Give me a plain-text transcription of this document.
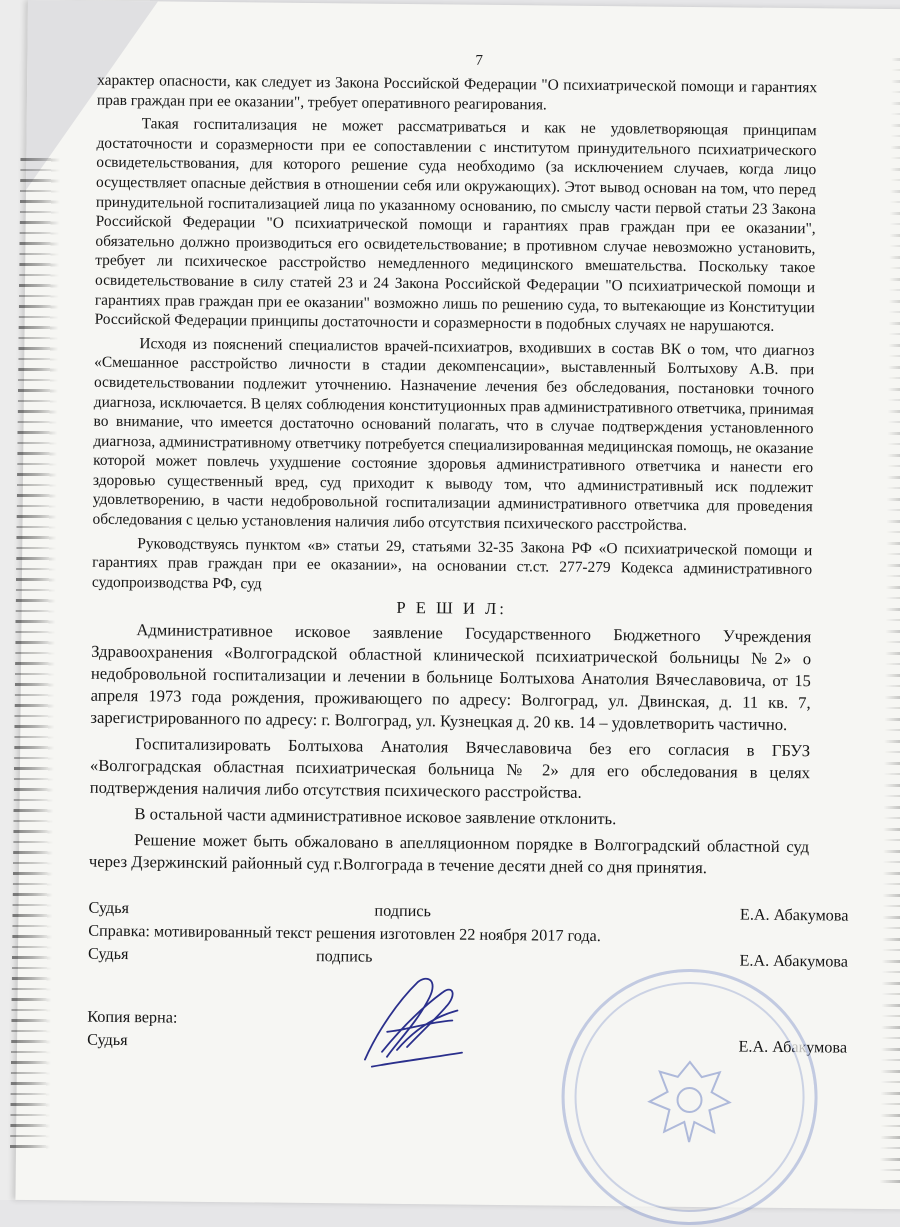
7

характер опасности, как следует из Закона Российской Федерации "О психиатрической помощи и гарантиях прав граждан при ее оказании", требует оперативного реагирования.

Такая госпитализация не может рассматриваться и как не удовлетворяющая принципам достаточности и соразмерности при ее сопоставлении с институтом принудительного психиатрического освидетельствования, для которого решение суда необходимо (за исключением случаев, когда лицо осуществляет опасные действия в отношении себя или окружающих). Этот вывод основан на том, что перед принудительной госпитализацией лица по указанному основанию, по смыслу части первой статьи 23 Закона Российской Федерации "О психиатрической помощи и гарантиях прав граждан при ее оказании", обязательно должно производиться его освидетельствование; в противном случае невозможно установить, требует ли психическое расстройство немедленного медицинского вмешательства. Поскольку такое освидетельствование в силу статей 23 и 24 Закона Российской Федерации "О психиатрической помощи и гарантиях прав граждан при ее оказании" возможно лишь по решению суда, то вытекающие из Конституции Российской Федерации принципы достаточности и соразмерности в подобных случаях не нарушаются.

Исходя из пояснений специалистов врачей-психиатров, входивших в состав ВК о том, что диагноз «Смешанное расстройство личности в стадии декомпенсации», выставленный Болтыхову А.В. при освидетельствовании подлежит уточнению. Назначение лечения без обследования, постановки точного диагноза, исключается. В целях соблюдения конституционных прав административного ответчика, принимая во внимание, что имеется достаточно оснований полагать, что в случае подтверждения установленного диагноза, административному ответчику потребуется специализированная медицинская помощь, не оказание которой может повлечь ухудшение состояние здоровья административного ответчика и нанести его здоровью существенный вред, суд приходит к выводу том, что административный иск подлежит удовлетворению, в части недобровольной госпитализации административного ответчика для проведения обследования с целью установления наличия либо отсутствия психического расстройства.

Руководствуясь пунктом «в» статьи 29, статьями 32-35 Закона РФ «О психиатрической помощи и гарантиях прав граждан при ее оказании», на основании ст.ст. 277-279 Кодекса административного судопроизводства РФ, суд

Р Е Ш И Л:

Административное исковое заявление Государственного Бюджетного Учреждения Здравоохранения «Волгоградской областной клинической психиатрической больницы №2» о недобровольной госпитализации и лечении в больнице Болтыхова Анатолия Вячеславовича, от 15 апреля 1973 года рождения, проживающего по адресу: Волгоград, ул. Двинская, д. 11 кв. 7, зарегистрированного по адресу: г. Волгоград, ул. Кузнецкая д. 20 кв. 14 – удовлетворить частично.

Госпитализировать Болтыхова Анатолия Вячеславовича без его согласия в ГБУЗ «Волгоградская областная психиатрическая больница № 2» для его обследования в целях подтверждения наличия либо отсутствия психического расстройства.

В остальной части административное исковое заявление отклонить.

Решение может быть обжаловано в апелляционном порядке в Волгоградский областной суд через Дзержинский районный суд г.Волгограда в течение десяти дней со дня принятия.

Судья	подпись	Е.А. Абакумова
Справка: мотивированный текст решения изготовлен 22 ноября 2017 года.
Судья	подпись	Е.А. Абакумова
Копия верна:
Судья	Е.А. Абакумова
